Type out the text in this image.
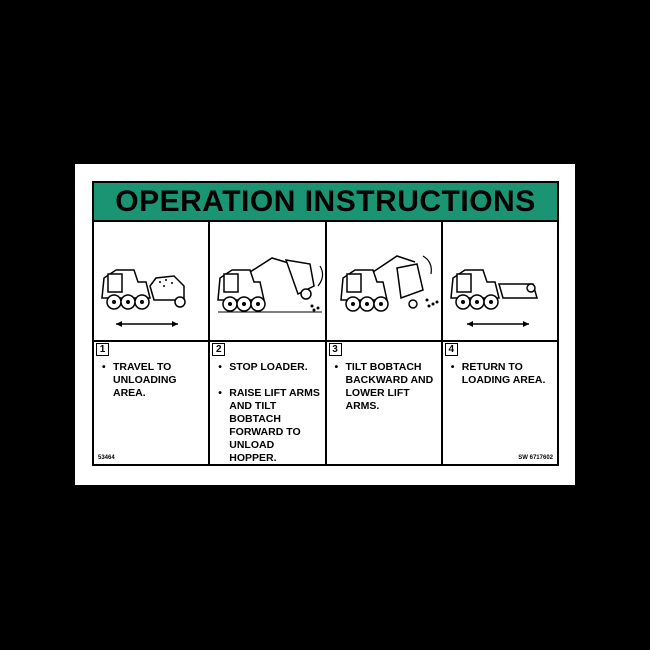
OPERATION INSTRUCTIONS
1
• TRAVEL TO UNLOADING AREA.
53464
2
• STOP LOADER.
• RAISE LIFT ARMS AND TILT BOBTACH FORWARD TO UNLOAD HOPPER.
3
• TILT BOBTACH BACKWARD AND LOWER LIFT ARMS.
4
• RETURN TO LOADING AREA.
SW 6717602
